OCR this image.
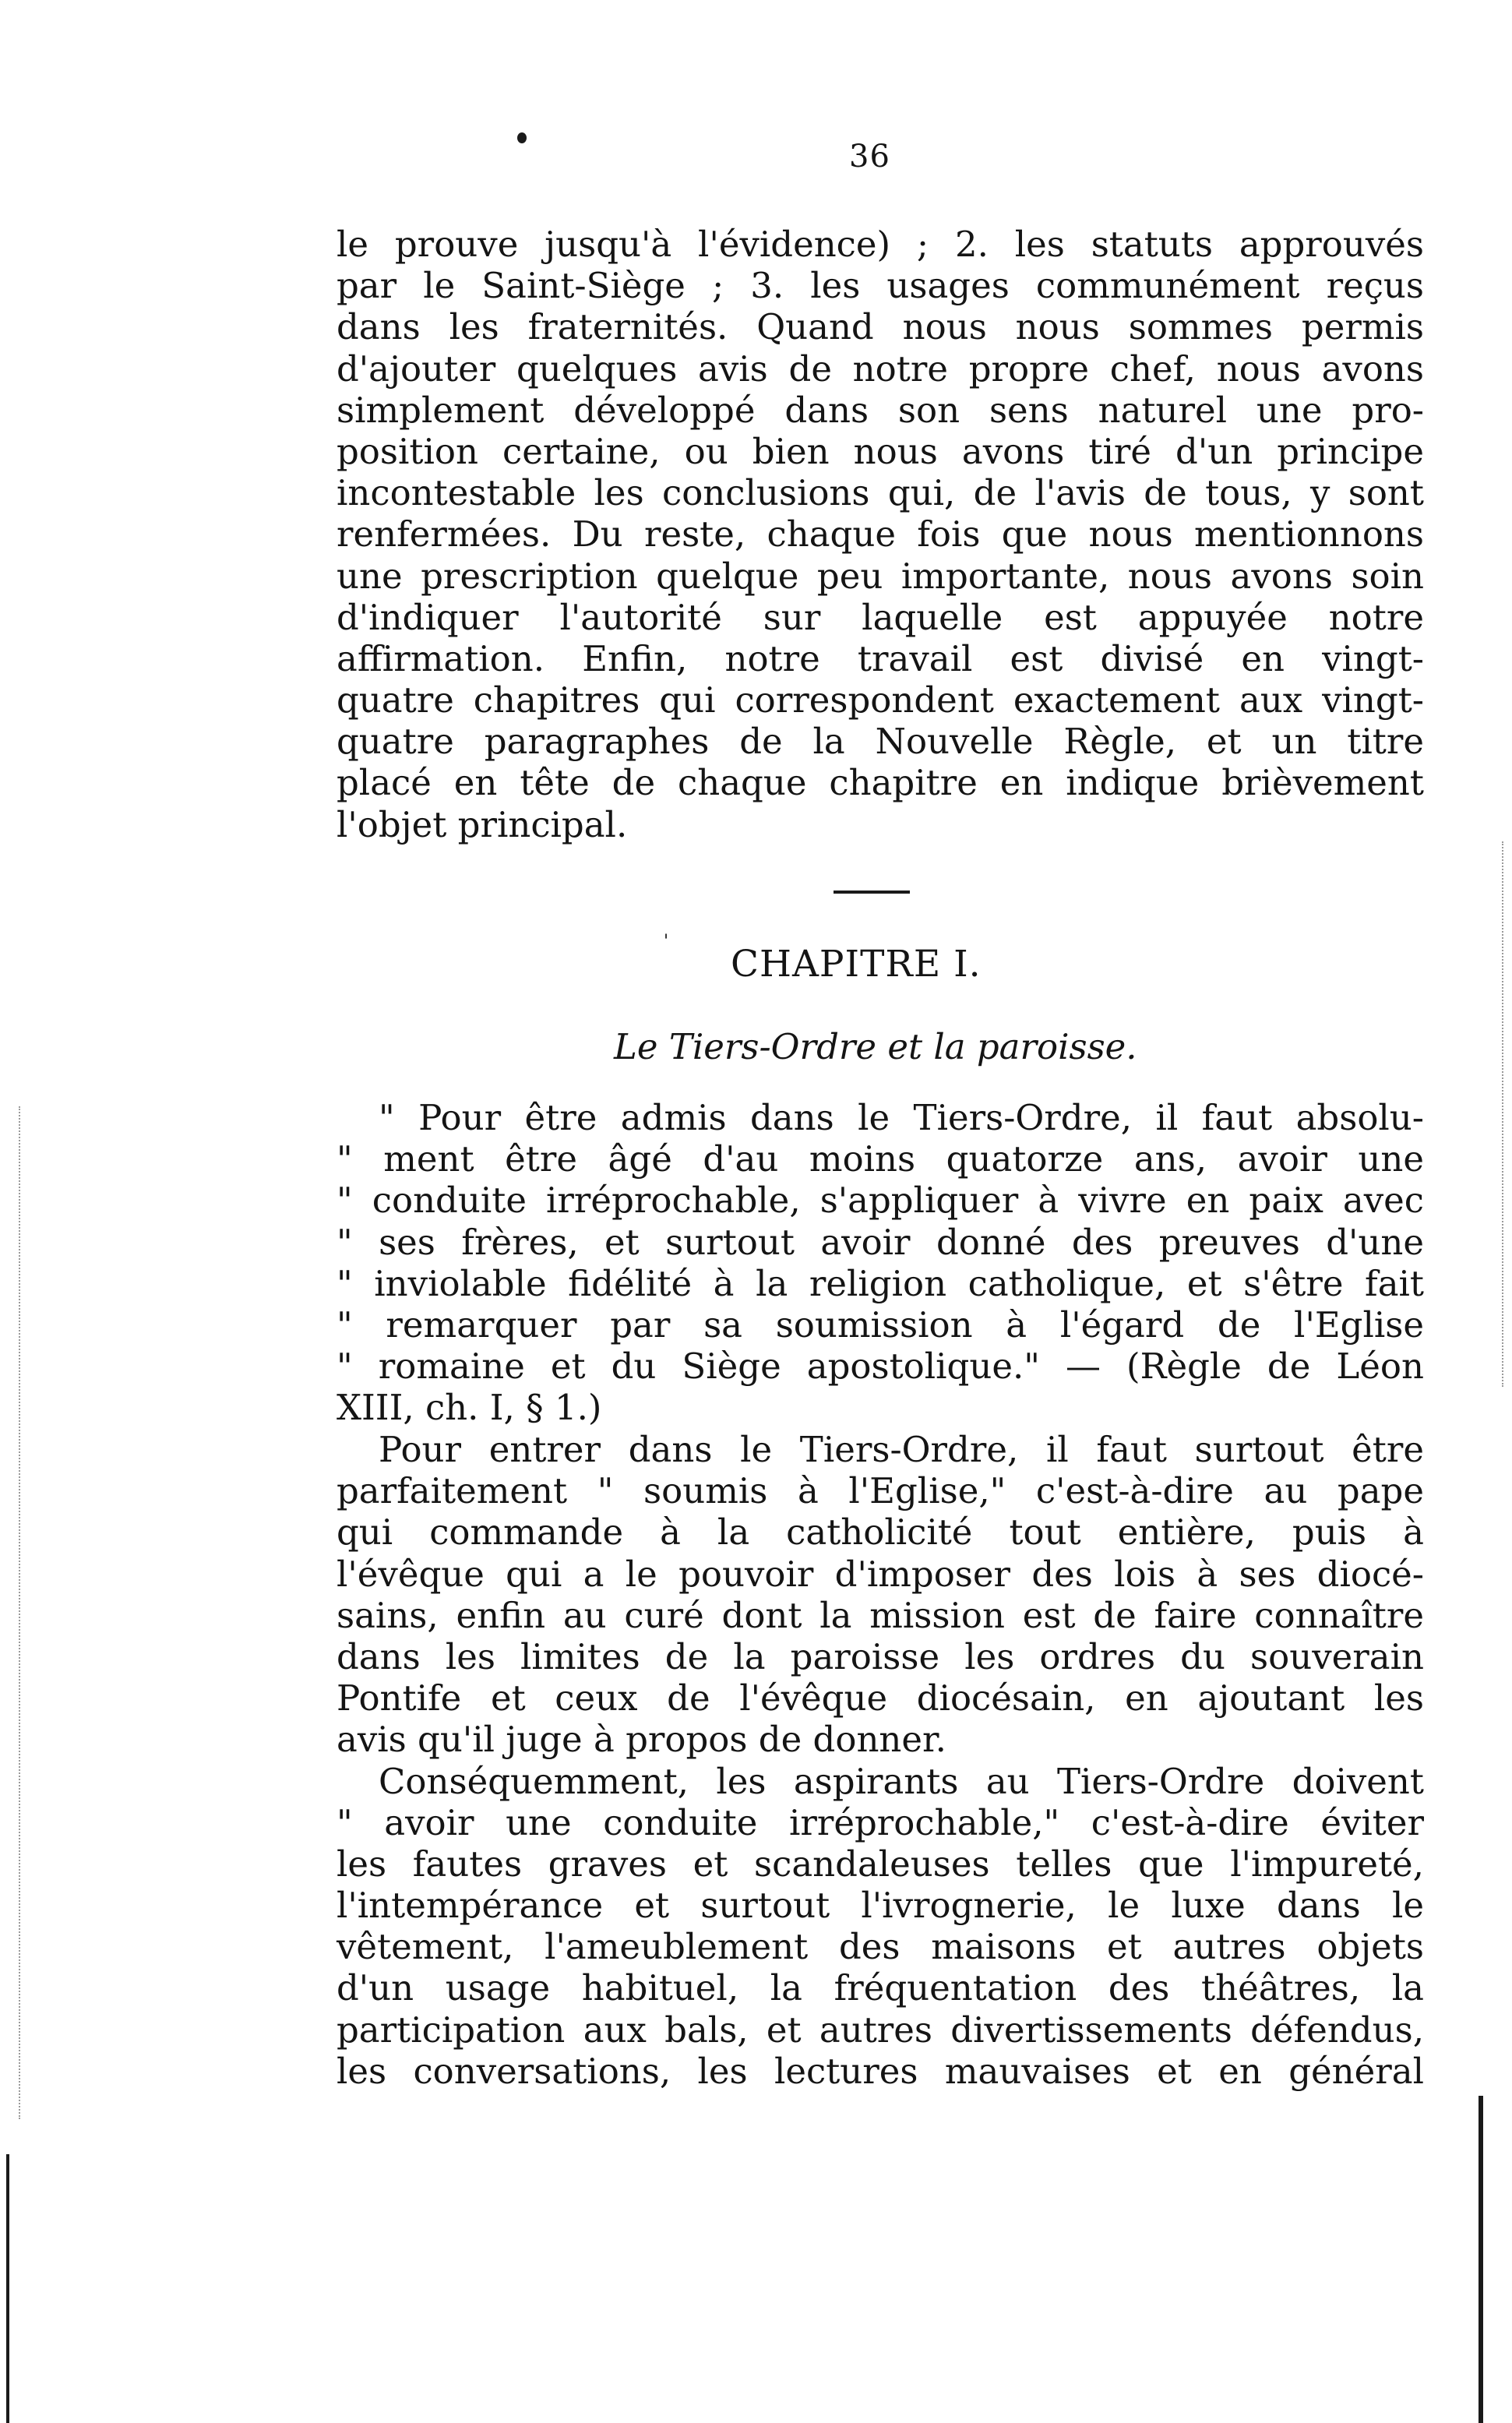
36
le prouve jusqu'à l'évidence) ; 2. les statuts approuvés
par le Saint-Siège ; 3. les usages communément reçus
dans les fraternités. Quand nous nous sommes permis
d'ajouter quelques avis de notre propre chef, nous avons
simplement développé dans son sens naturel une pro-
position certaine, ou bien nous avons tiré d'un principe
incontestable les conclusions qui, de l'avis de tous, y sont
renfermées. Du reste, chaque fois que nous mentionnons
une prescription quelque peu importante, nous avons soin
d'indiquer l'autorité sur laquelle est appuyée notre
affirmation. Enfin, notre travail est divisé en vingt-
quatre chapitres qui correspondent exactement aux vingt-
quatre paragraphes de la Nouvelle Règle, et un titre
placé en tête de chaque chapitre en indique brièvement
l'objet principal.
'
CHAPITRE I.
Le Tiers-Ordre et la paroisse.
" Pour être admis dans le Tiers-Ordre, il faut absolu-
" ment être âgé d'au moins quatorze ans, avoir une
" conduite irréprochable, s'appliquer à vivre en paix avec
" ses frères, et surtout avoir donné des preuves d'une
" inviolable fidélité à la religion catholique, et s'être fait
" remarquer par sa soumission à l'égard de l'Eglise
" romaine et du Siège apostolique." — (Règle de Léon
XIII, ch. I, § 1.)
Pour entrer dans le Tiers-Ordre, il faut surtout être
parfaitement " soumis à l'Eglise," c'est-à-dire au pape
qui commande à la catholicité tout entière, puis à
l'évêque qui a le pouvoir d'imposer des lois à ses diocé-
sains, enfin au curé dont la mission est de faire connaître
dans les limites de la paroisse les ordres du souverain
Pontife et ceux de l'évêque diocésain, en ajoutant les
avis qu'il juge à propos de donner.
Conséquemment, les aspirants au Tiers-Ordre doivent
" avoir une conduite irréprochable," c'est-à-dire éviter
les fautes graves et scandaleuses telles que l'impureté,
l'intempérance et surtout l'ivrognerie, le luxe dans le
vêtement, l'ameublement des maisons et autres objets
d'un usage habituel, la fréquentation des théâtres, la
participation aux bals, et autres divertissements défendus,
les conversations, les lectures mauvaises et en général
